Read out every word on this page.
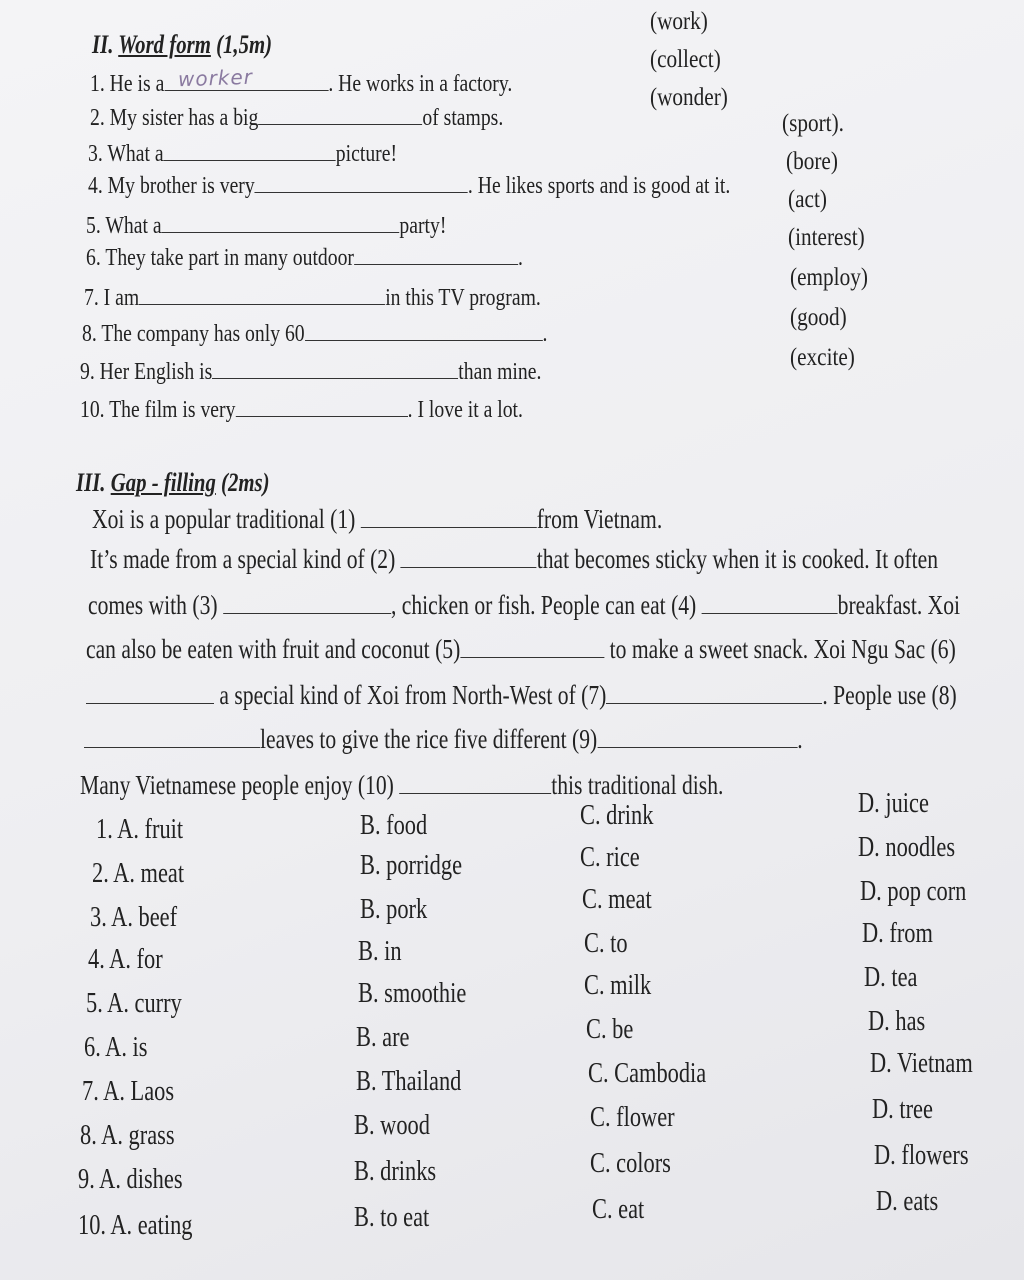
II. Word form (1,5m)
(work)
(collect)
(wonder)
(sport).
(bore)
(act)
(interest)
(employ)
(good)
(excite)
1. He is a	. He works in a factory.
worker
2. My sister has a big	of stamps.
3. What a	picture!
4. My brother is very	. He likes sports and is good at it.
5. What a	party!
6. They take part in many outdoor	.
7. I am	in this TV program.
8. The company has only 60	.
9. Her English is	than mine.
10. The film is very	. I love it a lot.
III. Gap - filling (2ms)
Xoi is a popular traditional (1)	from Vietnam.
It’s made from a special kind of (2)	that becomes sticky when it is cooked. It often
comes with (3)	, chicken or fish. People can eat (4)	breakfast. Xoi
can also be eaten with fruit and coconut (5)	to make a sweet snack. Xoi Ngu Sac (6)
a special kind of Xoi from North-West of (7)	. People use (8)
leaves to give the rice five different (9)	.
Many Vietnamese people enjoy (10)	this traditional dish.
1. A. fruit	B. food	C. drink	D. juice
2. A. meat	B. porridge	C. rice	D. noodles
3. A. beef	B. pork	C. meat	D. pop corn
4. A. for	B. in	C. to	D. from
5. A. curry	B. smoothie	C. milk	D. tea
6. A. is	B. are	C. be	D. has
7. A. Laos	B. Thailand	C. Cambodia	D. Vietnam
8. A. grass	B. wood	C. flower	D. tree
9. A. dishes	B. drinks	C. colors	D. flowers
10. A. eating	B. to eat	C. eat	D. eats
